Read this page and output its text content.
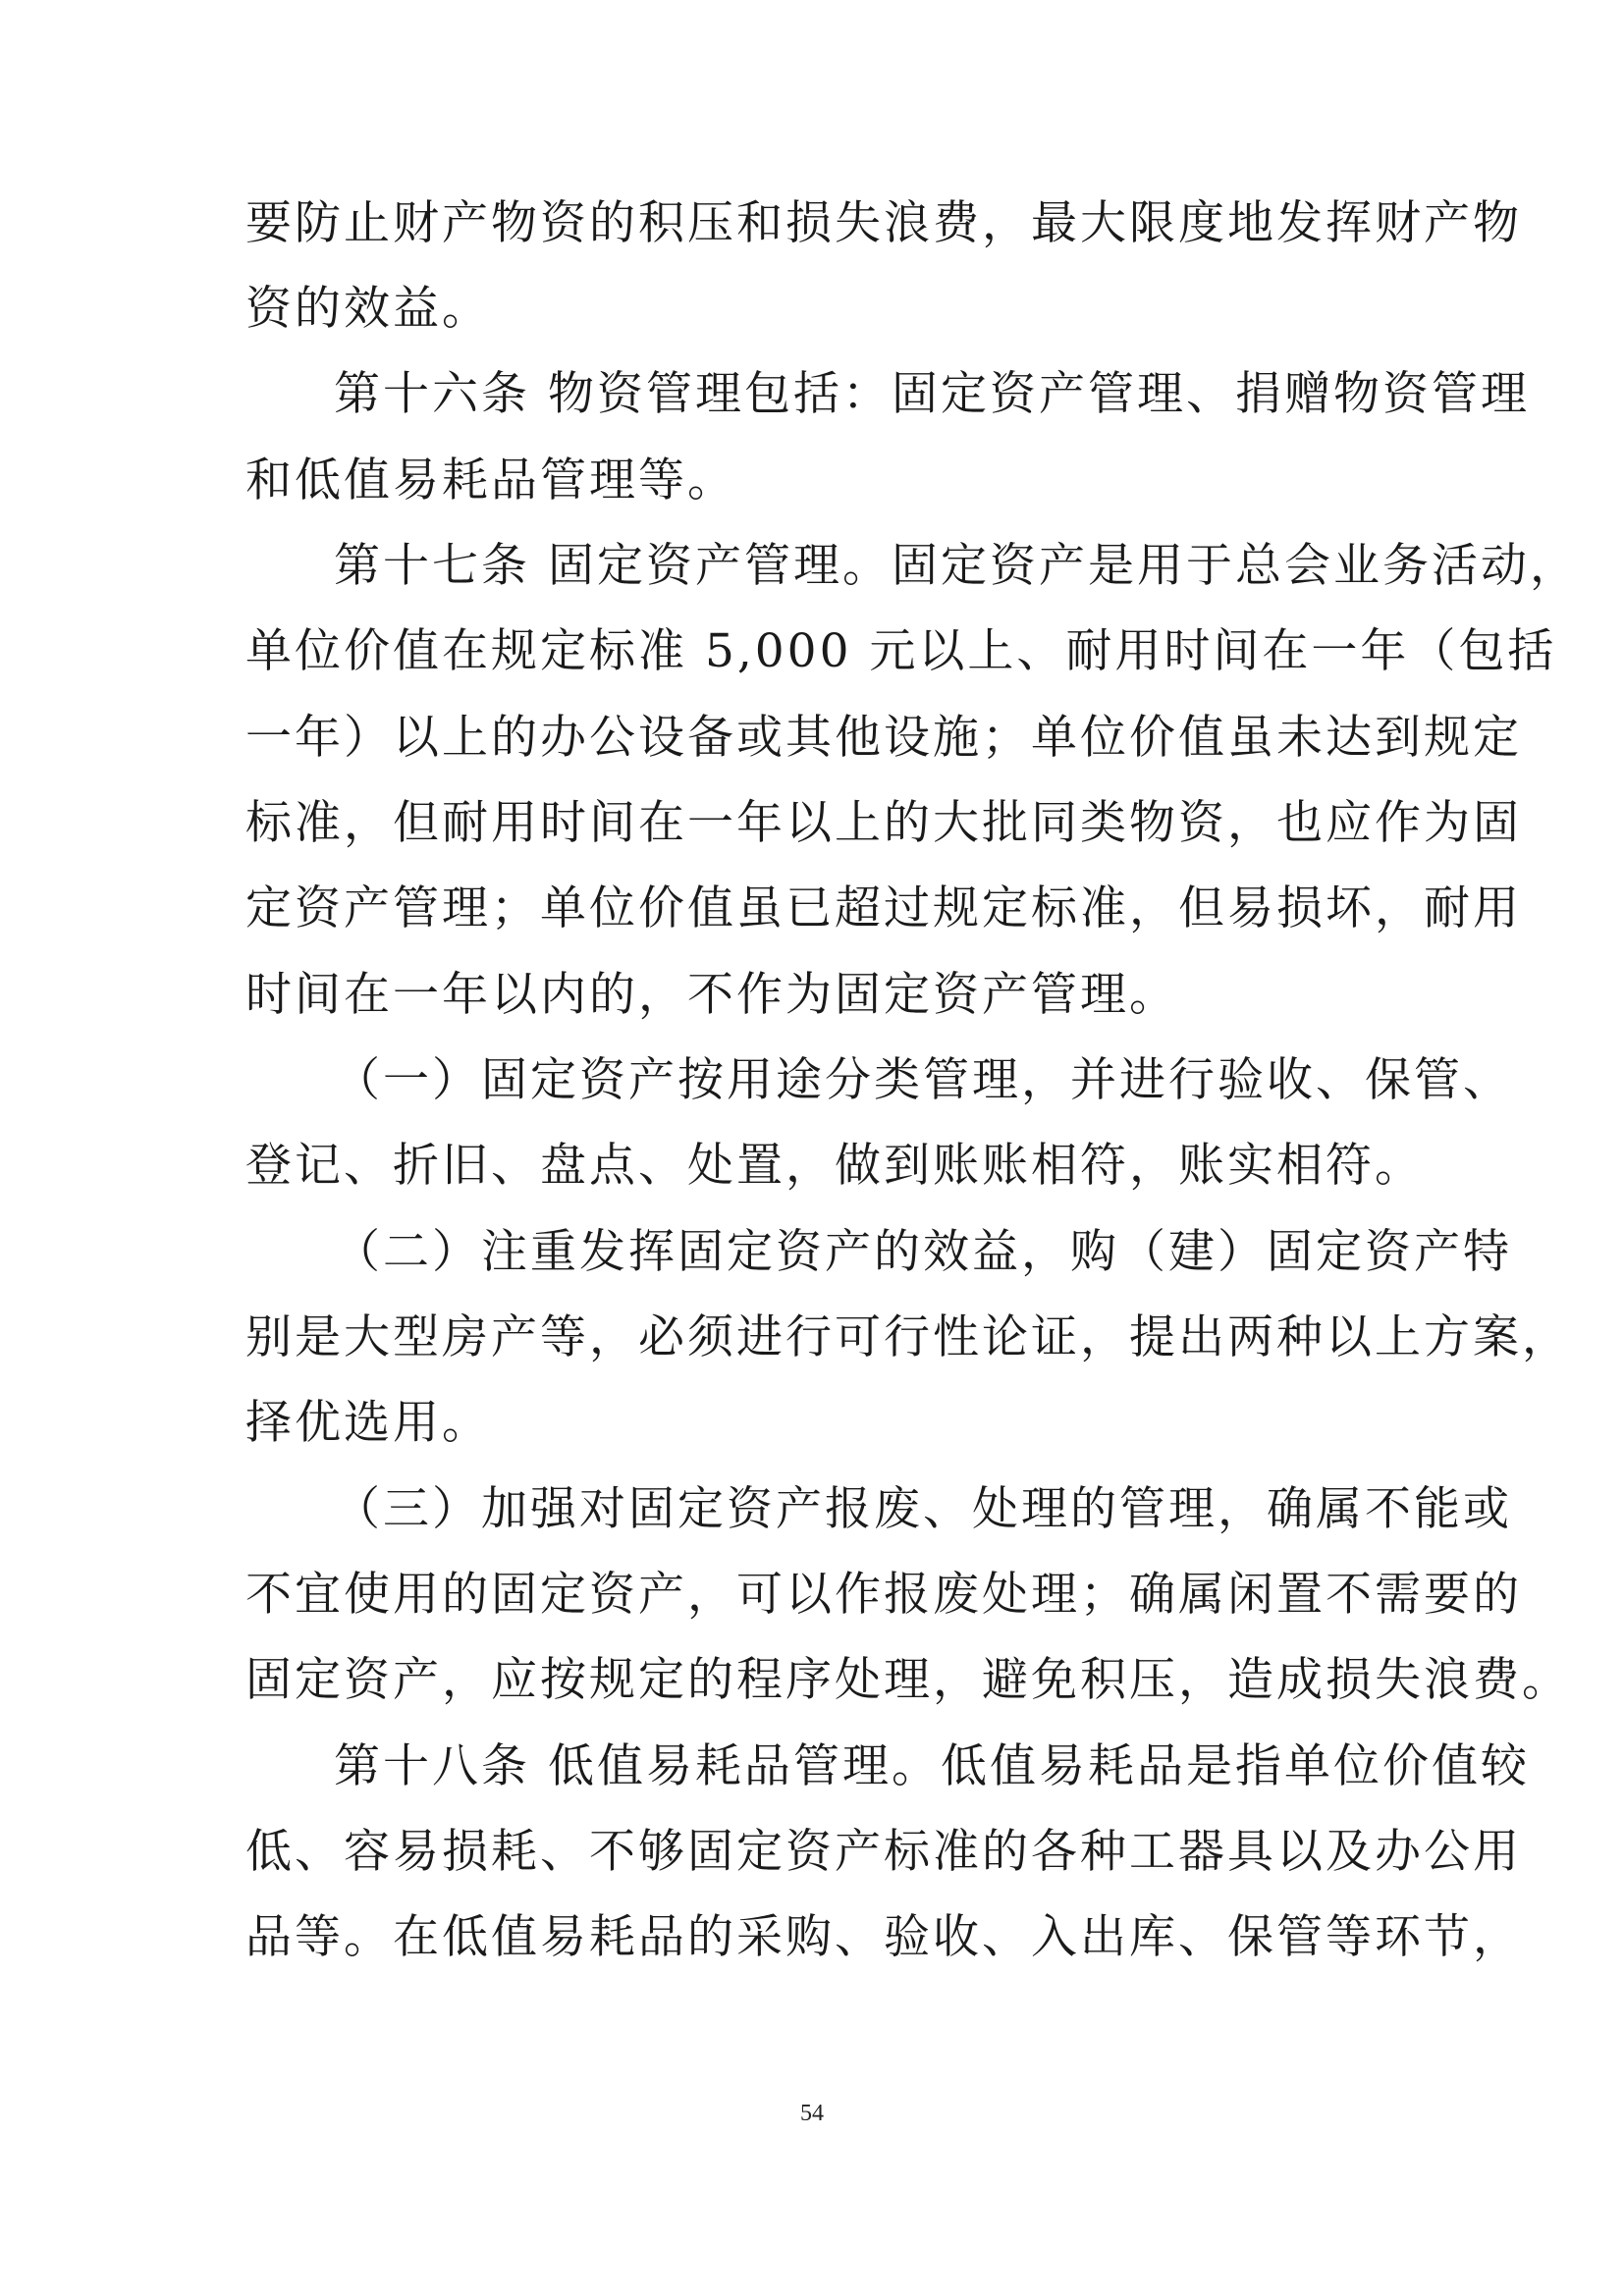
要防止财产物资的积压和损失浪费，最大限度地发挥财产物
资的效益。
第十六条 物资管理包括：固定资产管理、捐赠物资管理
和低值易耗品管理等。
第十七条 固定资产管理。固定资产是用于总会业务活动，
单位价值在规定标准 5,000 元以上、耐用时间在一年（包括
一年）以上的办公设备或其他设施；单位价值虽未达到规定
标准，但耐用时间在一年以上的大批同类物资，也应作为固
定资产管理；单位价值虽已超过规定标准，但易损坏，耐用
时间在一年以内的，不作为固定资产管理。
（一）固定资产按用途分类管理，并进行验收、保管、
登记、折旧、盘点、处置，做到账账相符，账实相符。
（二）注重发挥固定资产的效益，购（建）固定资产特
别是大型房产等，必须进行可行性论证，提出两种以上方案，
择优选用。
（三）加强对固定资产报废、处理的管理，确属不能或
不宜使用的固定资产，可以作报废处理；确属闲置不需要的
固定资产，应按规定的程序处理，避免积压，造成损失浪费。
第十八条 低值易耗品管理。低值易耗品是指单位价值较
低、容易损耗、不够固定资产标准的各种工器具以及办公用
品等。在低值易耗品的采购、验收、入出库、保管等环节，
54
